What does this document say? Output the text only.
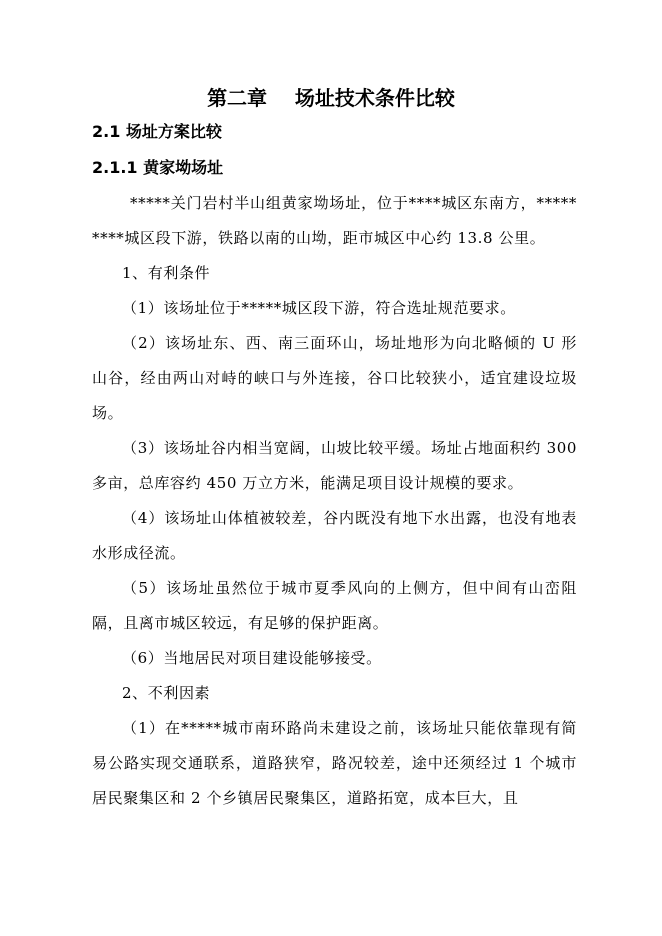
第二章    场址技术条件比较
2.1 场址方案比较
2.1.1 黄家坳场址

*****关门岩村半山组黄家坳场址，位于****城区东南方，*********城区段下游，铁路以南的山坳，距市城区中心约 13.8 公里。

1、有利条件

（1）该场址位于*****城区段下游，符合选址规范要求。

（2）该场址东、西、南三面环山，场址地形为向北略倾的 U 形山谷，经由两山对峙的峡口与外连接，谷口比较狭小，适宜建设垃圾场。

（3）该场址谷内相当宽阔，山坡比较平缓。场址占地面积约 300 多亩，总库容约 450 万立方米，能满足项目设计规模的要求。

（4）该场址山体植被较差，谷内既没有地下水出露，也没有地表水形成径流。

（5）该场址虽然位于城市夏季风向的上侧方，但中间有山峦阻隔，且离市城区较远，有足够的保护距离。

（6）当地居民对项目建设能够接受。

2、不利因素

（1）在*****城市南环路尚未建设之前，该场址只能依靠现有简易公路实现交通联系，道路狭窄，路况较差，途中还须经过 1 个城市居民聚集区和 2 个乡镇居民聚集区，道路拓宽，成本巨大，且
